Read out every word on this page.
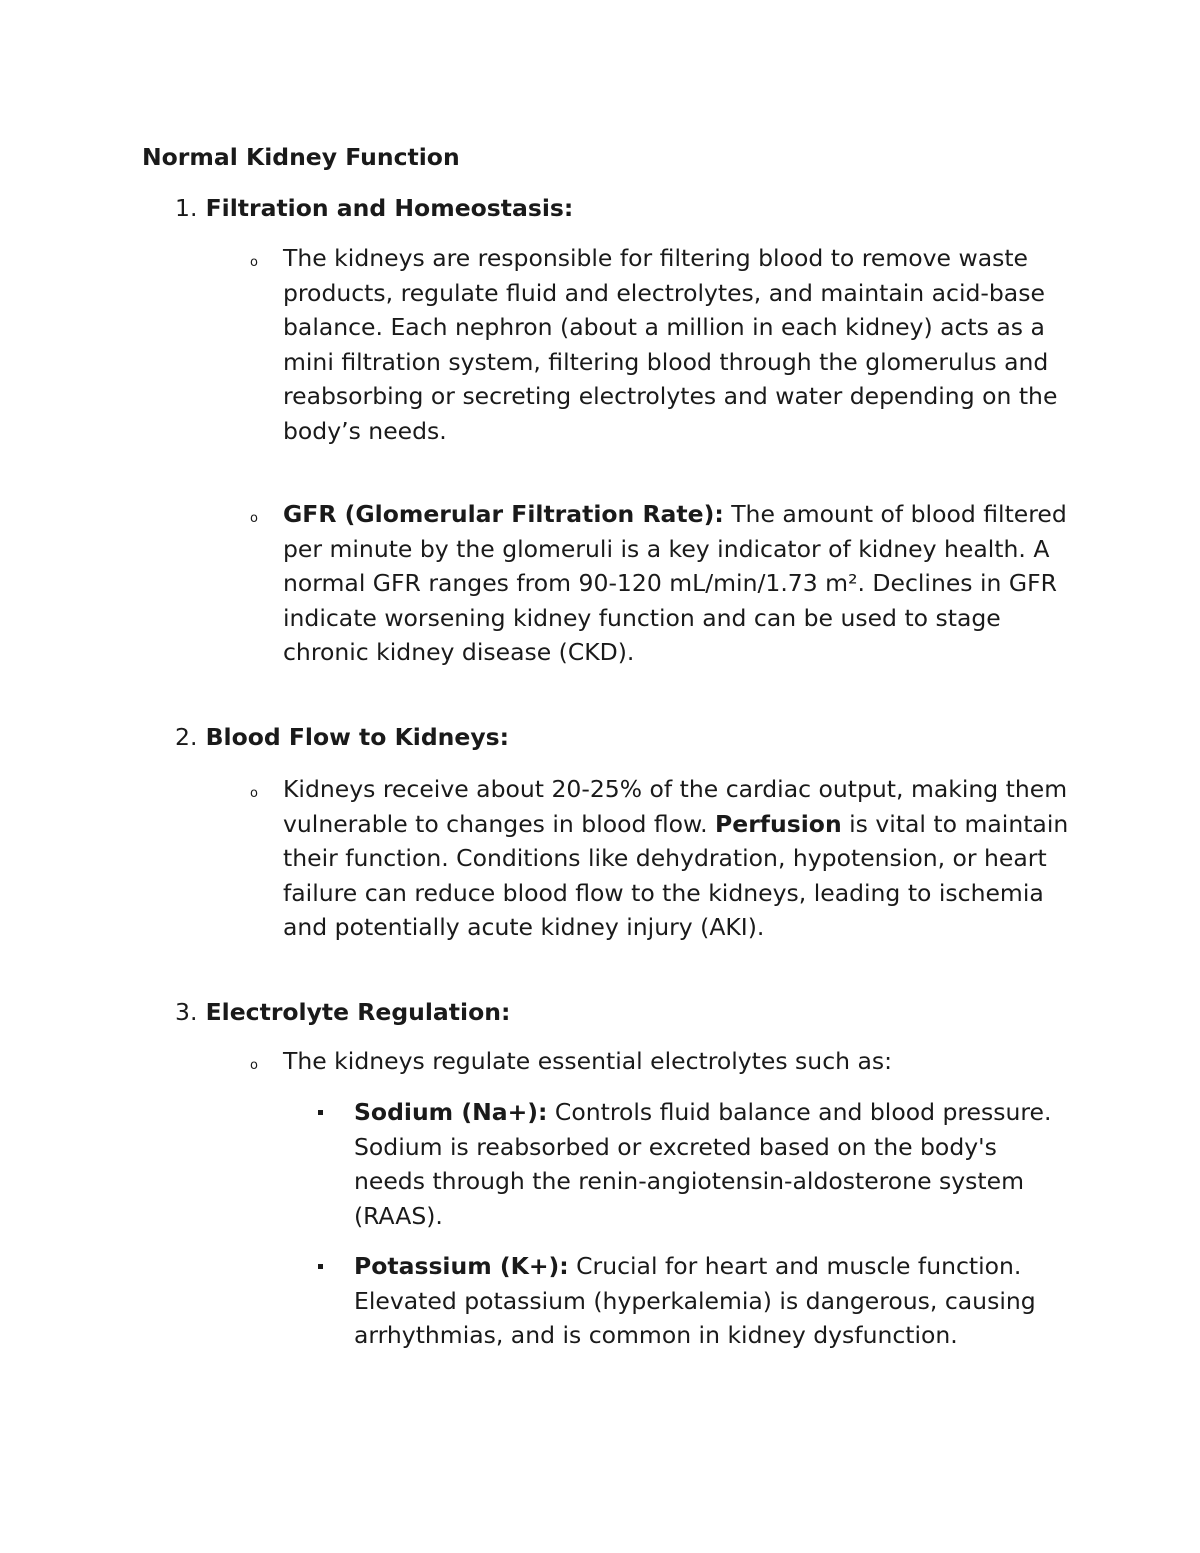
Normal Kidney Function
1. Filtration and Homeostasis:
o The kidneys are responsible for filtering blood to remove waste products, regulate fluid and electrolytes, and maintain acid-base balance. Each nephron (about a million in each kidney) acts as a mini filtration system, filtering blood through the glomerulus and reabsorbing or secreting electrolytes and water depending on the body’s needs.

o GFR (Glomerular Filtration Rate): The amount of blood filtered per minute by the glomeruli is a key indicator of kidney health. A normal GFR ranges from 90-120 mL/min/1.73 m². Declines in GFR indicate worsening kidney function and can be used to stage chronic kidney disease (CKD).

2. Blood Flow to Kidneys:
o Kidneys receive about 20-25% of the cardiac output, making them vulnerable to changes in blood flow. Perfusion is vital to maintain their function. Conditions like dehydration, hypotension, or heart failure can reduce blood flow to the kidneys, leading to ischemia and potentially acute kidney injury (AKI).

3. Electrolyte Regulation:
o The kidneys regulate essential electrolytes such as:

Sodium (Na+): Controls fluid balance and blood pressure. Sodium is reabsorbed or excreted based on the body's needs through the renin-angiotensin-aldosterone system (RAAS).

Potassium (K+): Crucial for heart and muscle function. Elevated potassium (hyperkalemia) is dangerous, causing arrhythmias, and is common in kidney dysfunction.
